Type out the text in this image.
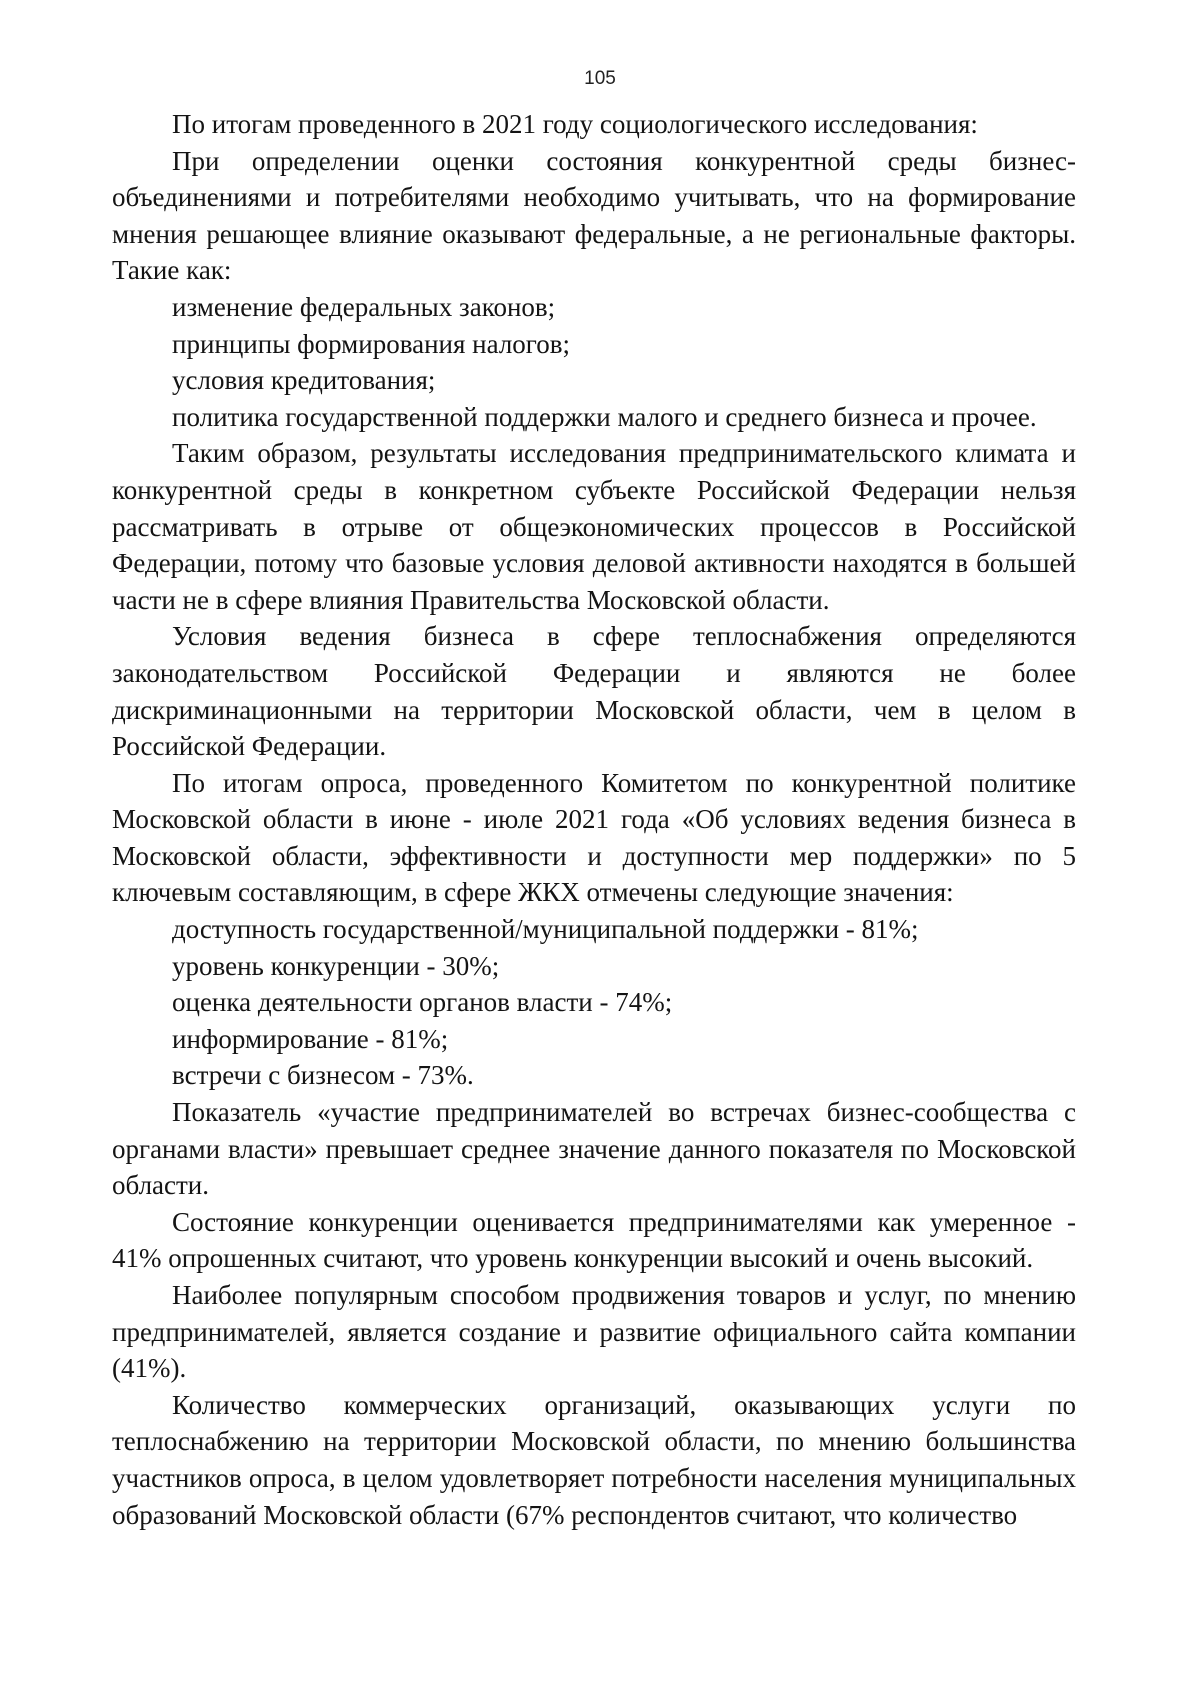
105

По итогам проведенного в 2021 году социологического исследования:

При определении оценки состояния конкурентной среды бизнес-объединениями и потребителями необходимо учитывать, что на формирование мнения решающее влияние оказывают федеральные, а не региональные факторы. Такие как:

изменение федеральных законов;

принципы формирования налогов;

условия кредитования;

политика государственной поддержки малого и среднего бизнеса и прочее.

Таким образом, результаты исследования предпринимательского климата и конкурентной среды в конкретном субъекте Российской Федерации нельзя рассматривать в отрыве от общеэкономических процессов в Российской Федерации, потому что базовые условия деловой активности находятся в большей части не в сфере влияния Правительства Московской области.

Условия ведения бизнеса в сфере теплоснабжения определяются законодательством Российской Федерации и являются не более дискриминационными на территории Московской области, чем в целом в Российской Федерации.

По итогам опроса, проведенного Комитетом по конкурентной политике Московской области в июне - июле 2021 года «Об условиях ведения бизнеса в Московской области, эффективности и доступности мер поддержки» по 5 ключевым составляющим, в сфере ЖКХ отмечены следующие значения:

доступность государственной/муниципальной поддержки - 81%;

уровень конкуренции - 30%;

оценка деятельности органов власти - 74%;

информирование - 81%;

встречи с бизнесом - 73%.

Показатель «участие предпринимателей во встречах бизнес-сообщества с органами власти» превышает среднее значение данного показателя по Московской области.

Состояние конкуренции оценивается предпринимателями как умеренное - 41% опрошенных считают, что уровень конкуренции высокий и очень высокий.

Наиболее популярным способом продвижения товаров и услуг, по мнению предпринимателей, является создание и развитие официального сайта компании (41%).

Количество коммерческих организаций, оказывающих услуги по теплоснабжению на территории Московской области, по мнению большинства участников опроса, в целом удовлетворяет потребности населения муниципальных образований Московской области (67% респондентов считают, что количество
